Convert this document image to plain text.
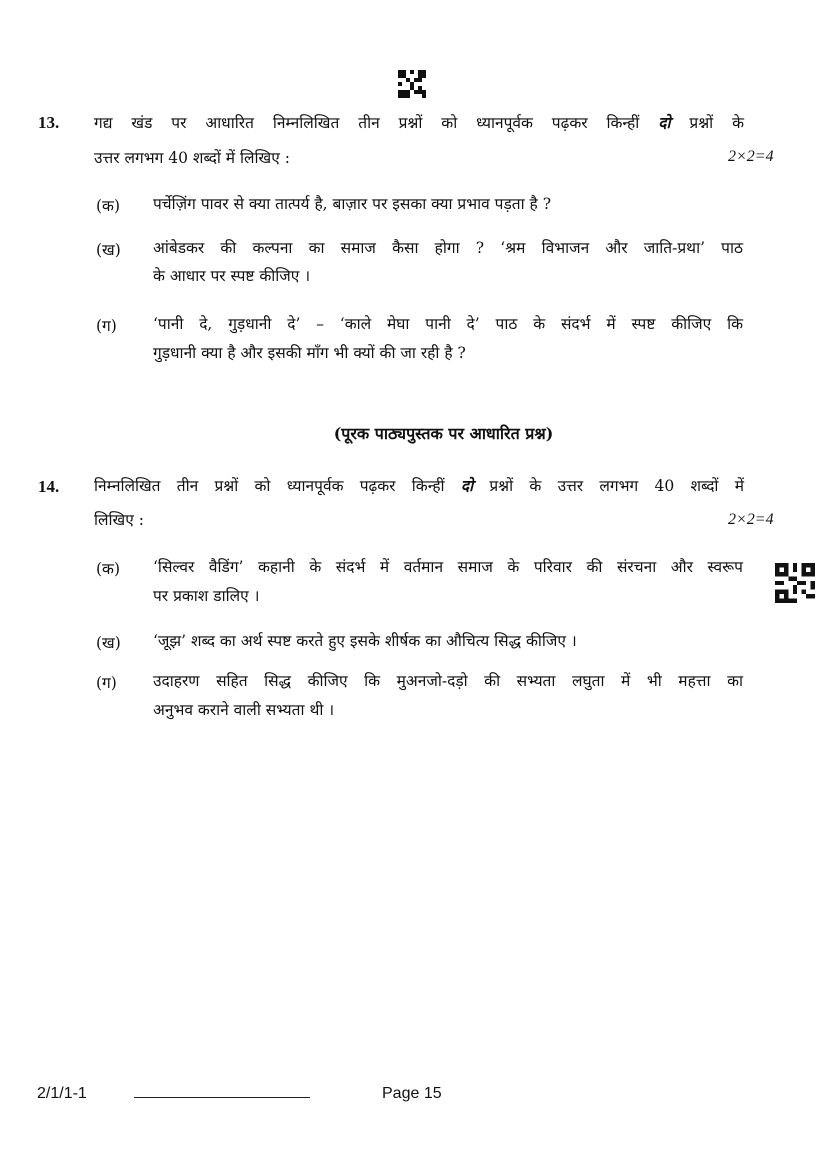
13. गद्य खंड पर आधारित निम्नलिखित तीन प्रश्नों को ध्यानपूर्वक पढ़कर किन्हीं दो प्रश्नों के
उत्तर लगभग 40 शब्दों में लिखिए :	2×2=4
(क) पर्चेज़िंग पावर से क्या तात्पर्य है, बाज़ार पर इसका क्या प्रभाव पड़ता है ?
(ख) आंबेडकर की कल्पना का समाज कैसा होगा ? ‘श्रम विभाजन और जाति-प्रथा’ पाठ
के आधार पर स्पष्ट कीजिए ।
(ग) ‘पानी दे, गुड़धानी दे’ – ‘काले मेघा पानी दे’ पाठ के संदर्भ में स्पष्ट कीजिए कि
गुड़धानी क्या है और इसकी माँग भी क्यों की जा रही है ?
(पूरक पाठ्यपुस्तक पर आधारित प्रश्न)
14. निम्नलिखित तीन प्रश्नों को ध्यानपूर्वक पढ़कर किन्हीं दो प्रश्नों के उत्तर लगभग 40 शब्दों में
लिखिए :	2×2=4
(क) ‘सिल्वर वैडिंग’ कहानी के संदर्भ में वर्तमान समाज के परिवार की संरचना और स्वरूप
पर प्रकाश डालिए ।
(ख) ‘जूझ’ शब्द का अर्थ स्पष्ट करते हुए इसके शीर्षक का औचित्य सिद्ध कीजिए ।
(ग) उदाहरण सहित सिद्ध कीजिए कि मुअनजो-दड़ो की सभ्यता लघुता में भी महत्ता का
अनुभव कराने वाली सभ्यता थी ।
2/1/1-1	Page 15
